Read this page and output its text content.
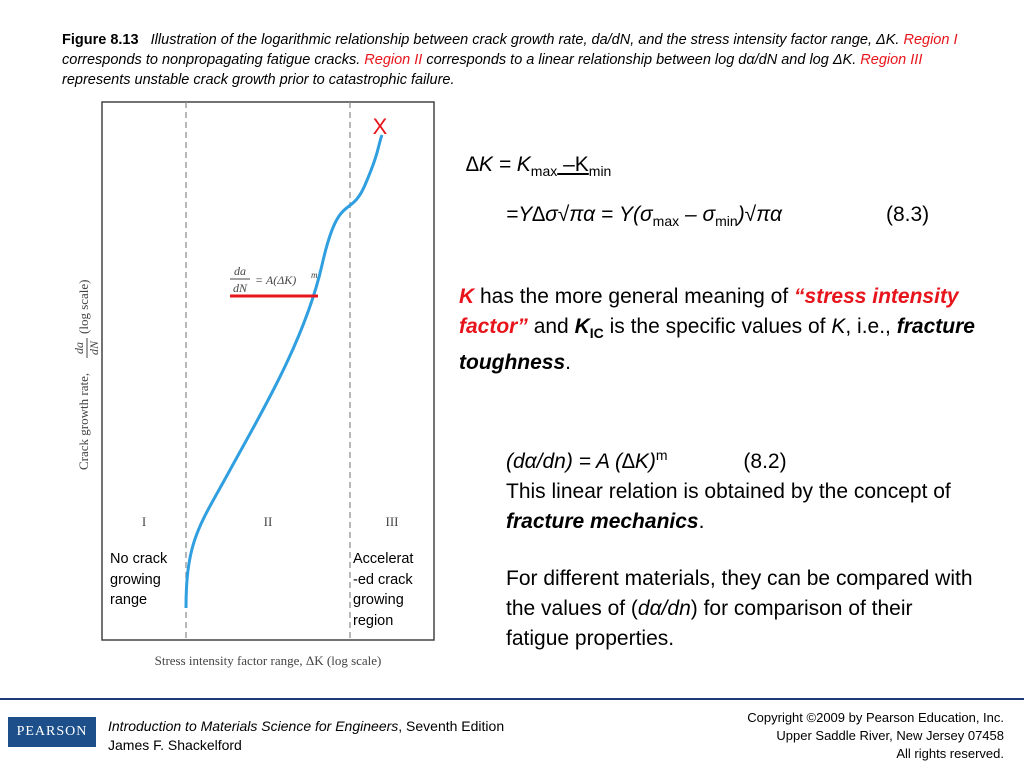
Figure 8.13 Illustration of the logarithmic relationship between crack growth rate, da/dN, and the stress intensity factor range, ΔK. Region I corresponds to nonpropagating fatigue cracks. Region II corresponds to a linear relationship between log dα/dN and log ΔK. Region III represents unstable crack growth prior to catastrophic failure.
I	II	III
X
da
dN
= A(ΔK) m
Crack growth rate,
da dN
(log scale)
Stress intensity factor range, ΔK (log scale)
No crack
growing
range
Accelerat
-ed crack
growing
region
$\Delta K = K_{max}$ $-K_{min}$
$=Y\Delta\sigma√\pi\alpha = Y(\sigma_{max} - \sigma_{min})√\pi\alpha$	(8.3)
K has the more general meaning of “stress intensity factor” and $K_{IC}$ is the specific values of K, i.e., fracture toughness.
(dα/dn) = A $(\Delta K)^m$	(8.2)
This linear relation is obtained by the concept of fracture mechanics.
For different materials, they can be compared with the values of (dα/dn) for comparison of their fatigue properties.
PEARSON	Introduction to Materials Science for Engineers, Seventh Edition
James F. Shackelford
Copyright ©2009 by Pearson Education, Inc.
Upper Saddle River, New Jersey 07458
All rights reserved.
